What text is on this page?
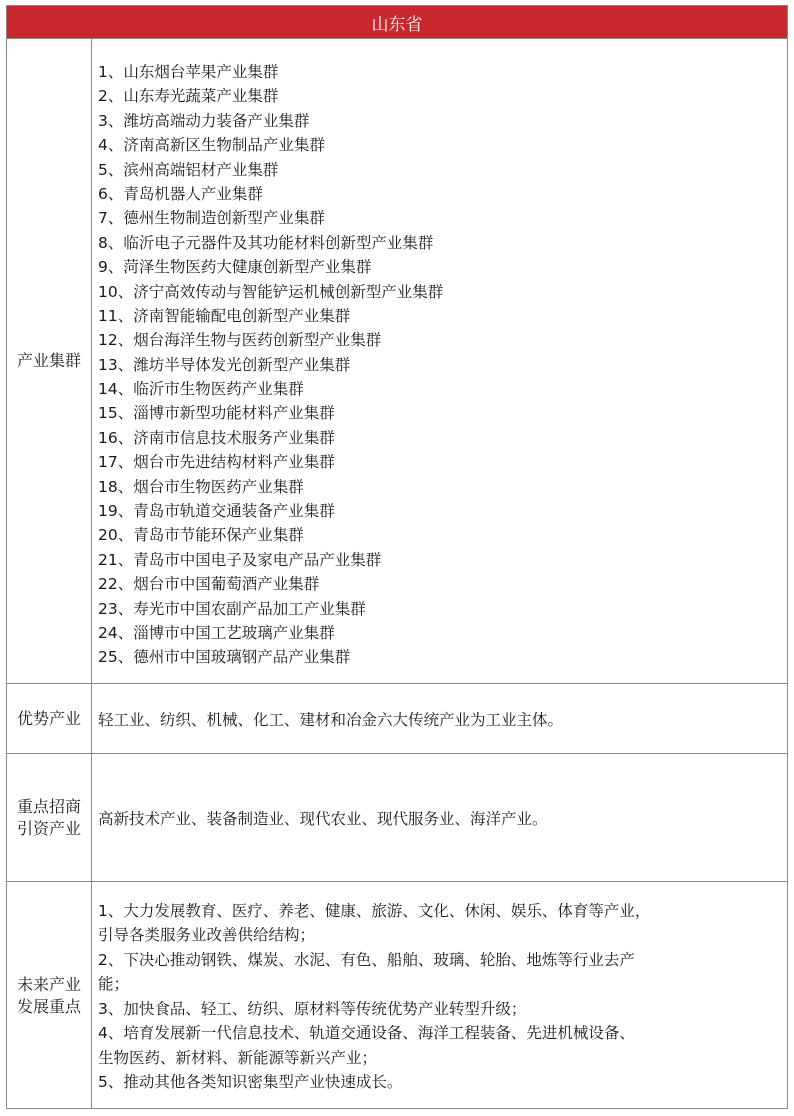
山东省
产业集群
1、山东烟台苹果产业集群
2、山东寿光蔬菜产业集群
3、潍坊高端动力装备产业集群
4、济南高新区生物制品产业集群
5、滨州高端铝材产业集群
6、青岛机器人产业集群
7、德州生物制造创新型产业集群
8、临沂电子元器件及其功能材料创新型产业集群
9、菏泽生物医药大健康创新型产业集群
10、济宁高效传动与智能铲运机械创新型产业集群
11、济南智能输配电创新型产业集群
12、烟台海洋生物与医药创新型产业集群
13、潍坊半导体发光创新型产业集群
14、临沂市生物医药产业集群
15、淄博市新型功能材料产业集群
16、济南市信息技术服务产业集群
17、烟台市先进结构材料产业集群
18、烟台市生物医药产业集群
19、青岛市轨道交通装备产业集群
20、青岛市节能环保产业集群
21、青岛市中国电子及家电产品产业集群
22、烟台市中国葡萄酒产业集群
23、寿光市中国农副产品加工产业集群
24、淄博市中国工艺玻璃产业集群
25、德州市中国玻璃钢产品产业集群
优势产业	轻工业、纺织、机械、化工、建材和冶金六大传统产业为工业主体。
重点招商
引资产业 高新技术产业、装备制造业、现代农业、现代服务业、海洋产业。
未来产业
发展重点
1、大力发展教育、医疗、养老、健康、旅游、文化、休闲、娱乐、体育等产业，
引导各类服务业改善供给结构；
2、下决心推动钢铁、煤炭、水泥、有色、船舶、玻璃、轮胎、地炼等行业去产
能；
3、加快食品、轻工、纺织、原材料等传统优势产业转型升级；
4、培育发展新一代信息技术、轨道交通设备、海洋工程装备、先进机械设备、
生物医药、新材料、新能源等新兴产业；
5、推动其他各类知识密集型产业快速成长。
